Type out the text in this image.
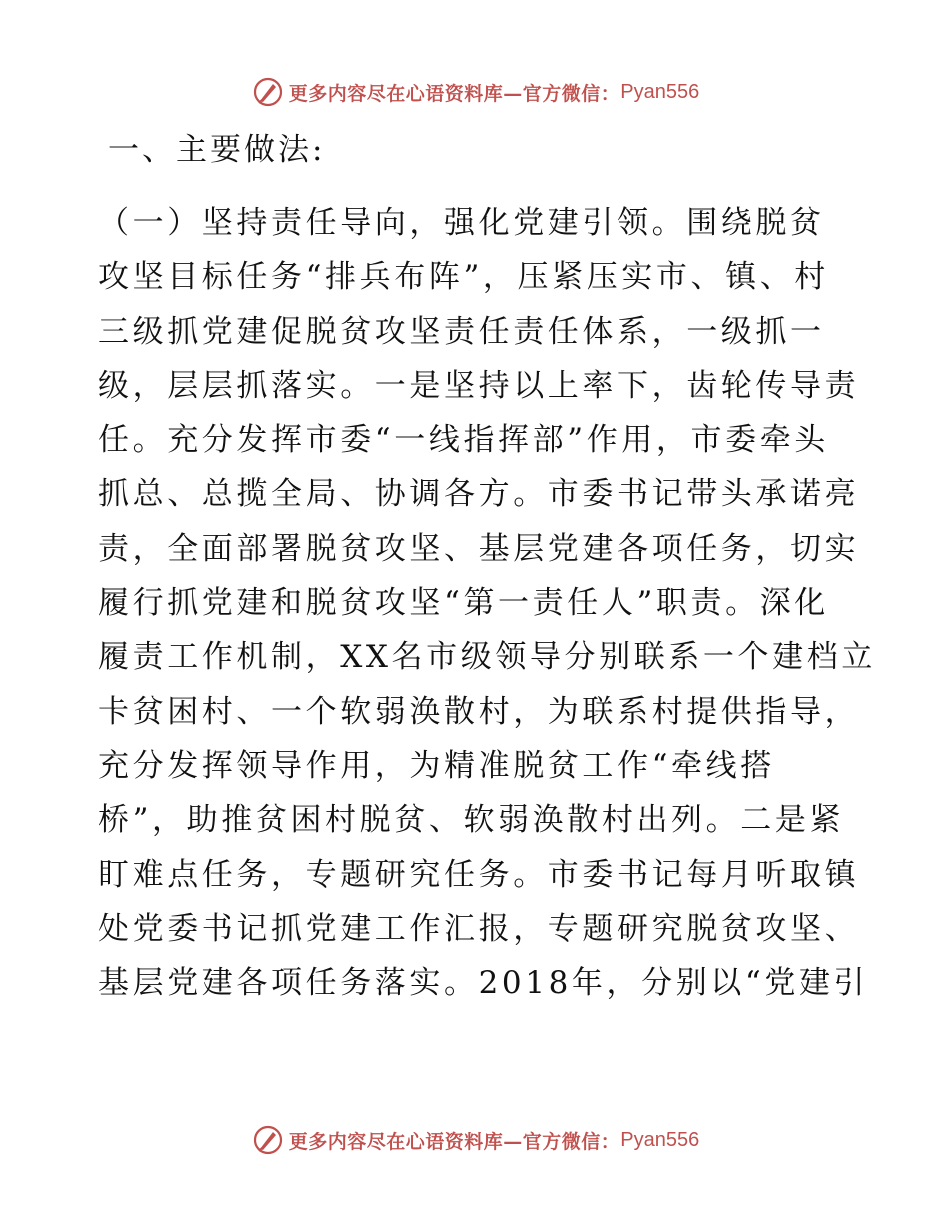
更多内容尽在心语资料库—官方微信： Pyan556
一、主要做法:
（一）坚持责任导向，强化党建引领。围绕脱贫
攻坚目标任务“排兵布阵”，压紧压实市、镇、村
三级抓党建促脱贫攻坚责任责任体系，一级抓一
级，层层抓落实。一是坚持以上率下，齿轮传导责
任。充分发挥市委“一线指挥部”作用，市委牵头
抓总、总揽全局、协调各方。市委书记带头承诺亮
责，全面部署脱贫攻坚、基层党建各项任务，切实
履行抓党建和脱贫攻坚“第一责任人”职责。深化
履责工作机制，XX名市级领导分别联系一个建档立
卡贫困村、一个软弱涣散村，为联系村提供指导，
充分发挥领导作用，为精准脱贫工作“牵线搭
桥”，助推贫困村脱贫、软弱涣散村出列。二是紧
盯难点任务，专题研究任务。市委书记每月听取镇
处党委书记抓党建工作汇报，专题研究脱贫攻坚、
基层党建各项任务落实。2018年，分别以“党建引
更多内容尽在心语资料库—官方微信： Pyan556
